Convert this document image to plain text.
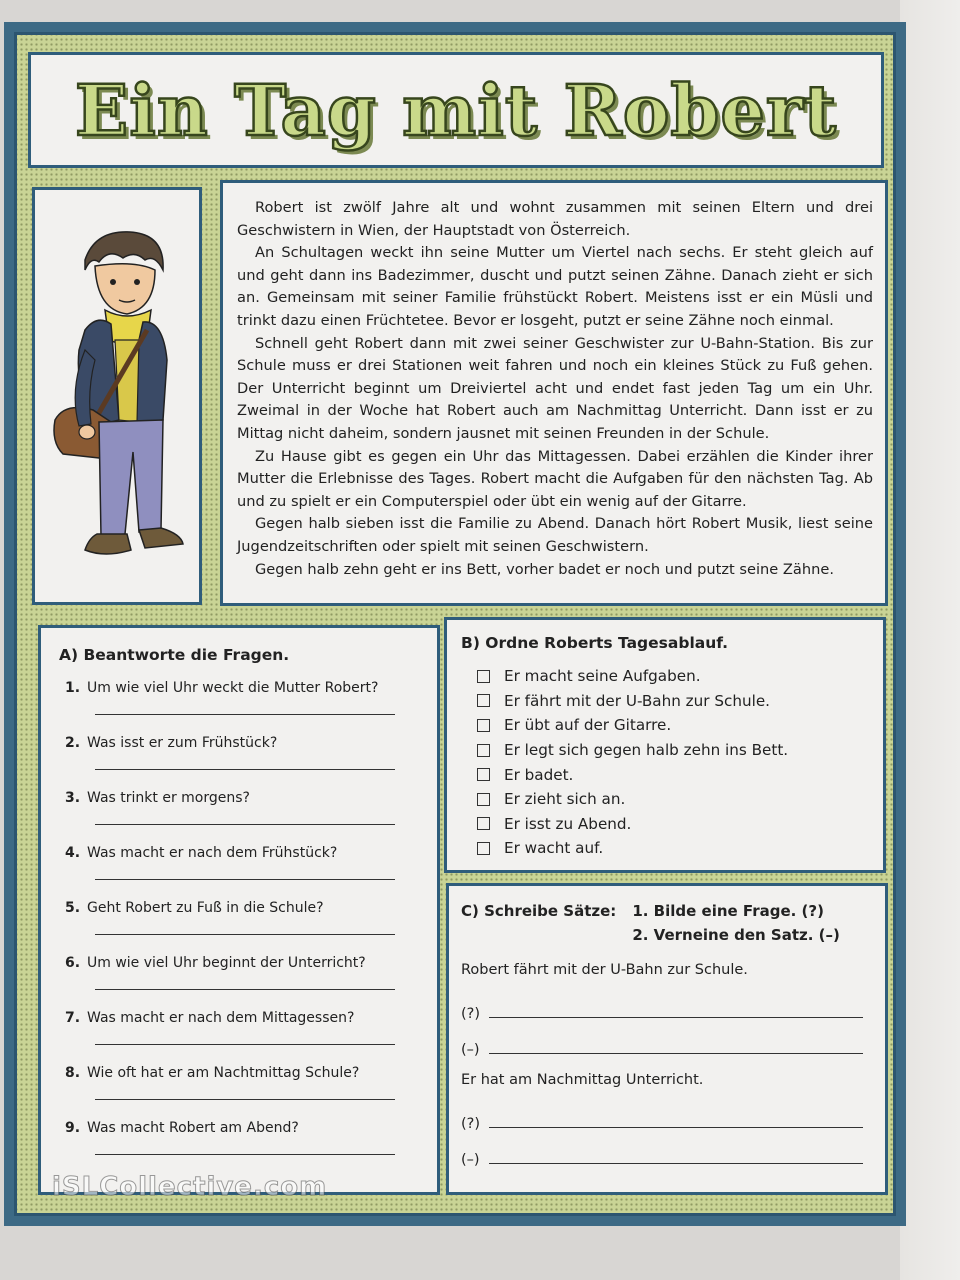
Ein Tag mit Robert

Robert ist zwölf Jahre alt und wohnt zusammen mit seinen Eltern und drei Geschwistern in Wien, der Hauptstadt von Österreich.

An Schultagen weckt ihn seine Mutter um Viertel nach sechs. Er steht gleich auf und geht dann ins Badezimmer, duscht und putzt seinen Zähne. Danach zieht er sich an. Gemeinsam mit seiner Familie frühstückt Robert. Meistens isst er ein Müsli und trinkt dazu einen Früchtetee. Bevor er losgeht, putzt er seine Zähne noch einmal.

Schnell geht Robert dann mit zwei seiner Geschwister zur U-Bahn-Station. Bis zur Schule muss er drei Stationen weit fahren und noch ein kleines Stück zu Fuß gehen. Der Unterricht beginnt um Dreiviertel acht und endet fast jeden Tag um ein Uhr. Zweimal in der Woche hat Robert auch am Nachmittag Unterricht. Dann isst er zu Mittag nicht daheim, sondern jausnet mit seinen Freunden in der Schule.

Zu Hause gibt es gegen ein Uhr das Mittagessen. Dabei erzählen die Kinder ihrer Mutter die Erlebnisse des Tages. Robert macht die Aufgaben für den nächsten Tag. Ab und zu spielt er ein Computerspiel oder übt ein wenig auf der Gitarre.

Gegen halb sieben isst die Familie zu Abend. Danach hört Robert Musik, liest seine Jugendzeitschriften oder spielt mit seinen Geschwistern.

Gegen halb zehn geht er ins Bett, vorher badet er noch und putzt seine Zähne.

A) Beantworte die Fragen.
1. Um wie viel Uhr weckt die Mutter Robert?
2. Was isst er zum Frühstück?
3. Was trinkt er morgens?
4. Was macht er nach dem Frühstück?
5. Geht Robert zu Fuß in die Schule?
6. Um wie viel Uhr beginnt der Unterricht?
7. Was macht er nach dem Mittagessen?
8. Wie oft hat er am Nachtmittag Schule?
9. Was macht Robert am Abend?
B) Ordne Roberts Tagesablauf.
Er macht seine Aufgaben.
Er fährt mit der U-Bahn zur Schule.
Er übt auf der Gitarre.
Er legt sich gegen halb zehn ins Bett.
Er badet.
Er zieht sich an.
Er isst zu Abend.
Er wacht auf.
C) Schreibe Sätze: 1. Bilde eine Frage. (?)
2. Verneine den Satz. (–)
Robert fährt mit der U-Bahn zur Schule.
(?)
(–)
Er hat am Nachmittag Unterricht.
(?)
(–)
iSLCollective.com
